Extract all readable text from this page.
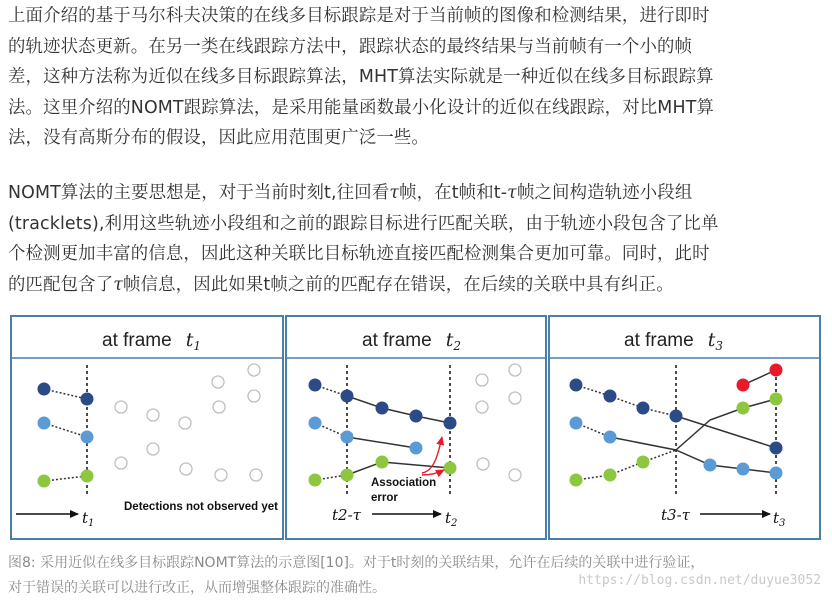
上面介绍的基于马尔科夫决策的在线多目标跟踪是对于当前帧的图像和检测结果，进行即时
的轨迹状态更新。在另一类在线跟踪方法中，跟踪状态的最终结果与当前帧有一个小的帧
差，这种方法称为近似在线多目标跟踪算法，MHT算法实际就是一种近似在线多目标跟踪算
法。这里介绍的NOMT跟踪算法，是采用能量函数最小化设计的近似在线跟踪，对比MHT算
法，没有高斯分布的假设，因此应用范围更广泛一些。
NOMT算法的主要思想是，对于当前时刻t,往回看τ帧，在t帧和t-τ帧之间构造轨迹小段组
(tracklets),利用这些轨迹小段组和之前的跟踪目标进行匹配关联，由于轨迹小段包含了比单
个检测更加丰富的信息，因此这种关联比目标轨迹直接匹配检测集合更加可靠。同时，此时
的匹配包含了τ帧信息，因此如果t帧之前的匹配存在错误，在后续的关联中具有纠正。
at frame $t_1$
Detections not observed yet
$t_1$
at frame $t_2$
Association
error
t2-τ	$t_2$
at frame $t_3$
t3-τ	$t_3$
图8: 采用近似在线多目标跟踪NOMT算法的示意图[10]。对于t时刻的关联结果，允许在后续的关联中进行验证，
对于错误的关联可以进行改正，从而增强整体跟踪的准确性。	https://blog.csdn.net/duyue3052
